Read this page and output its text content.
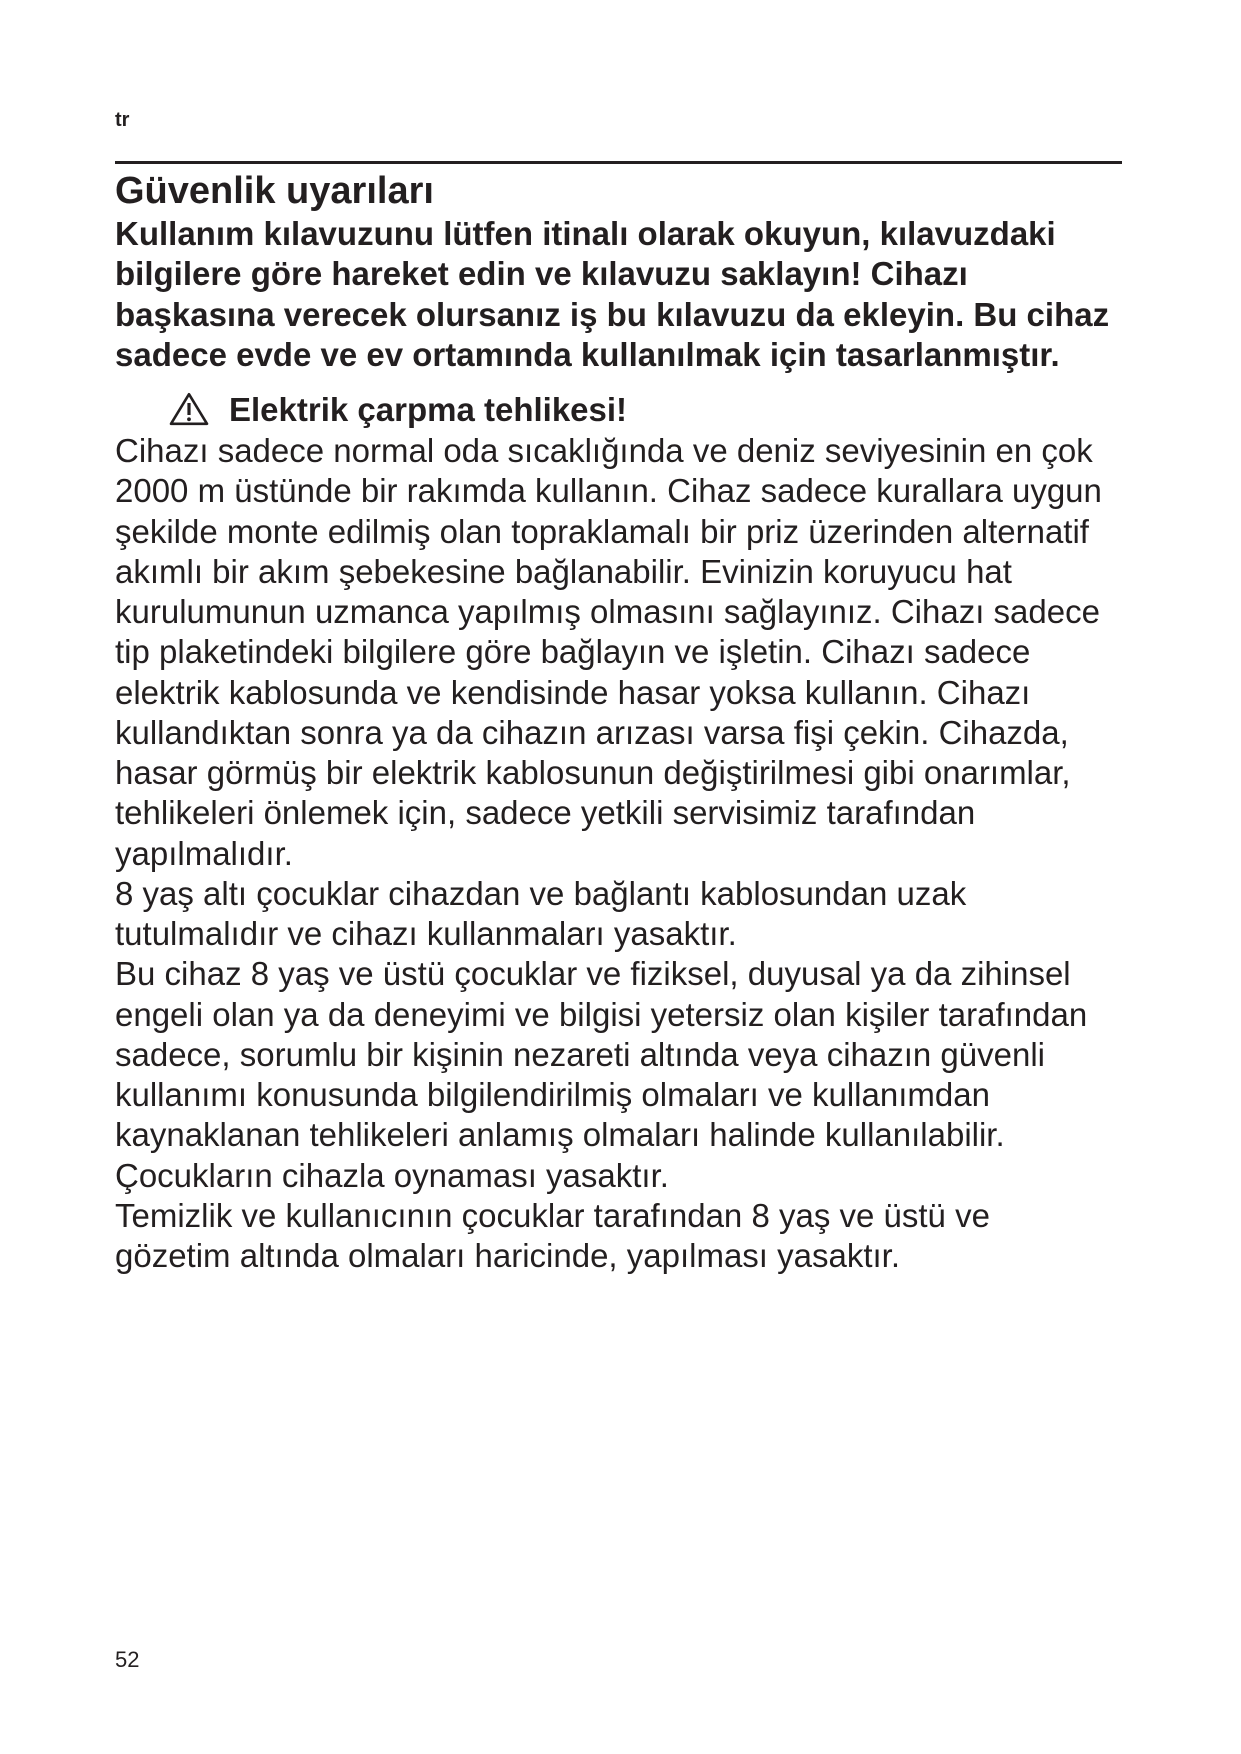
tr
Güvenlik uyarıları

Kullanım kılavuzunu lütfen itinalı olarak okuyun, kılavuzdaki
bilgilere göre hareket edin ve kılavuzu saklayın! Cihazı
başkasına verecek olursanız iş bu kılavuzu da ekleyin. Bu cihaz
sadece evde ve ev ortamında kullanılmak için tasarlanmıştır.

Elektrik çarpma tehlikesi!

Cihazı sadece normal oda sıcaklığında ve deniz seviyesinin en çok
2000 m üstünde bir rakımda kullanın. Cihaz sadece kurallara uygun
şekilde monte edilmiş olan topraklamalı bir priz üzerinden alternatif
akımlı bir akım şebekesine bağlanabilir. Evinizin koruyucu hat
kurulumunun uzmanca yapılmış olmasını sağlayınız. Cihazı sadece
tip plaketindeki bilgilere göre bağlayın ve işletin. Cihazı sadece
elektrik kablosunda ve kendisinde hasar yoksa kullanın. Cihazı
kullandıktan sonra ya da cihazın arızası varsa fişi çekin. Cihazda,
hasar görmüş bir elektrik kablosunun değiştirilmesi gibi onarımlar,
tehlikeleri önlemek için, sadece yetkili servisimiz tarafından
yapılmalıdır.

8 yaş altı çocuklar cihazdan ve bağlantı kablosundan uzak
tutulmalıdır ve cihazı kullanmaları yasaktır.

Bu cihaz 8 yaş ve üstü çocuklar ve fiziksel, duyusal ya da zihinsel
engeli olan ya da deneyimi ve bilgisi yetersiz olan kişiler tarafından
sadece, sorumlu bir kişinin nezareti altında veya cihazın güvenli
kullanımı konusunda bilgilendirilmiş olmaları ve kullanımdan
kaynaklanan tehlikeleri anlamış olmaları halinde kullanılabilir.
Çocukların cihazla oynaması yasaktır.

Temizlik ve kullanıcının çocuklar tarafından 8 yaş ve üstü ve
gözetim altında olmaları haricinde, yapılması yasaktır.

52
